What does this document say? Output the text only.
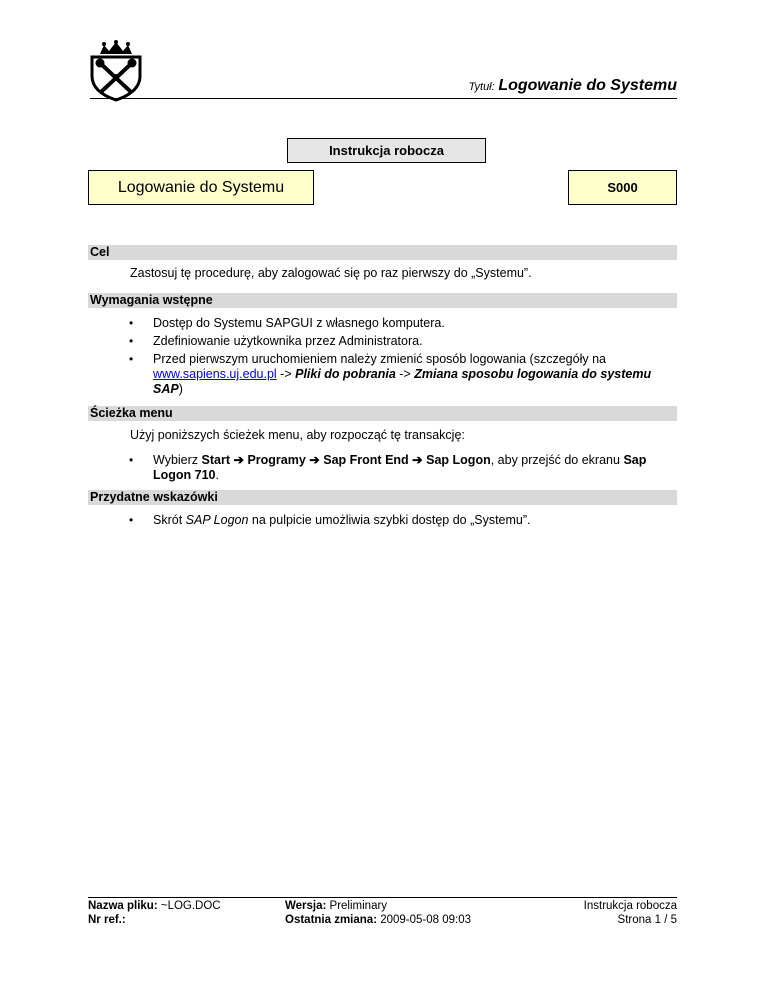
Tytuł: Logowanie do Systemu
Instrukcja robocza
Logowanie do Systemu	S000
Cel
Zastosuj tę procedurę, aby zalogować się po raz pierwszy do „Systemu”.
Wymagania wstępne
• Dostęp do Systemu SAPGUI z własnego komputera.
• Zdefiniowanie użytkownika przez Administratora.
• Przed pierwszym uruchomieniem należy zmienić sposób logowania (szczegóły na
www.sapiens.uj.edu.pl -> Pliki do pobrania -> Zmiana sposobu logowania do systemu SAP)
Ścieżka menu
Użyj poniższych ścieżek menu, aby rozpocząć tę transakcję:
• Wybierz Start ➔ Programy ➔ Sap Front End ➔ Sap Logon, aby przejść do ekranu Sap Logon 710.
Przydatne wskazówki
• Skrót SAP Logon na pulpicie umożliwia szybki dostęp do „Systemu”.
Nazwa pliku: ~LOG.DOC
Nr ref.:
Wersja: Preliminary
Ostatnia zmiana: 2009-05-08 09:03
Instrukcja robocza
Strona 1 / 5
